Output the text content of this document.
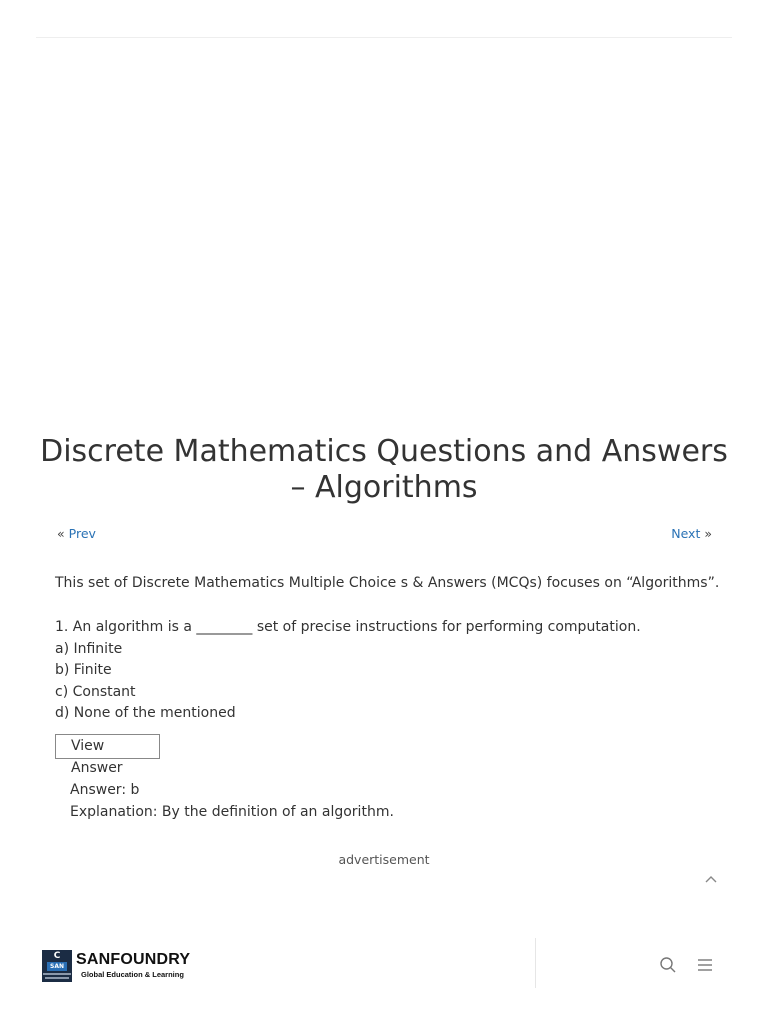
Discrete Mathematics Questions and Answers – Algorithms
« Prev	Next »

This set of Discrete Mathematics Multiple Choice s & Answers (MCQs) focuses on “Algorithms”.

1. An algorithm is a ________ set of precise instructions for performing computation.
a) Infinite
b) Finite
c) Constant
d) None of the mentioned
View Answer
Answer: b
Explanation: By the definition of an algorithm.
advertisement
C
SAN SANFOUNDRY
Global Education & Learning
